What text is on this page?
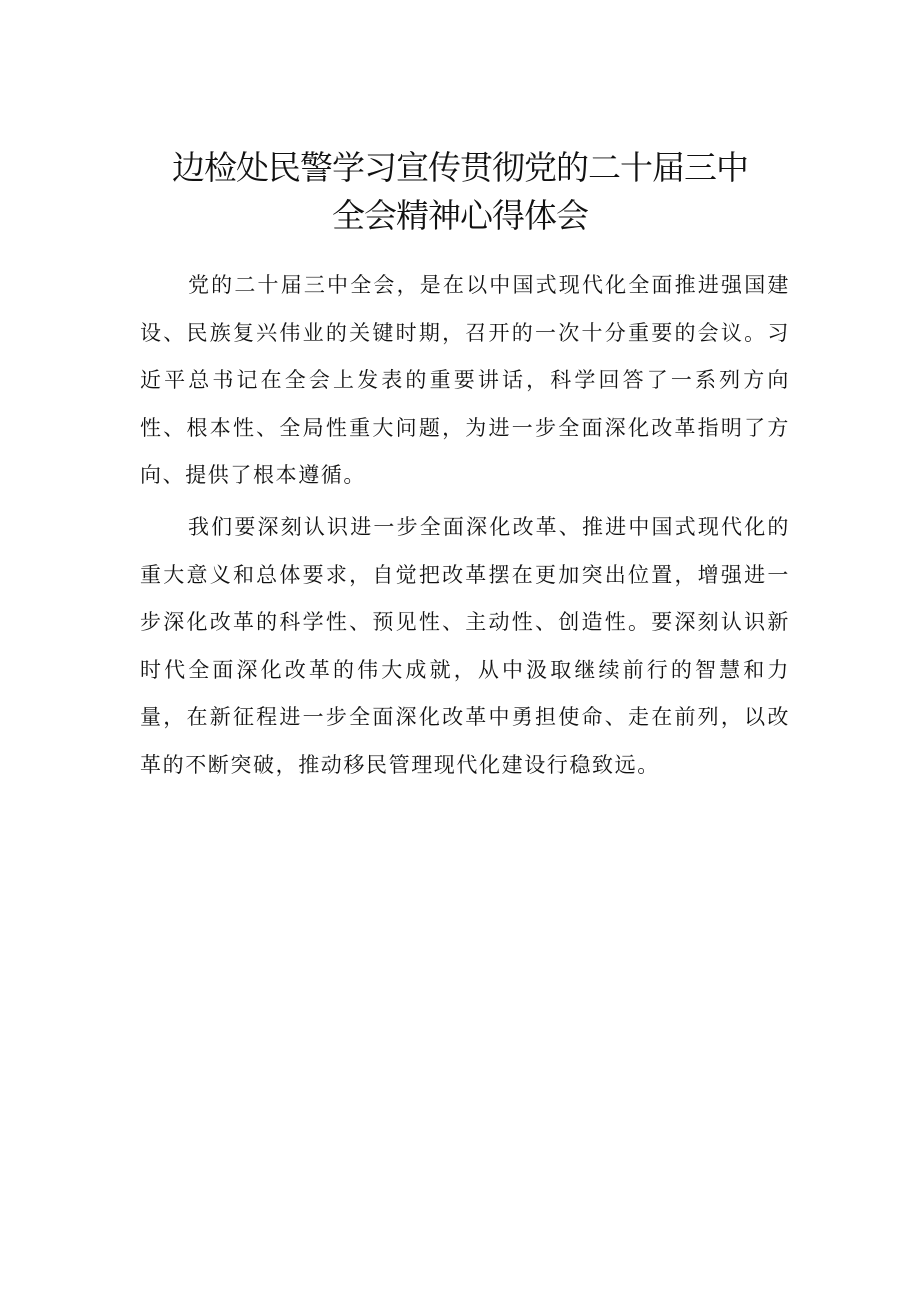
边检处民警学习宣传贯彻党的二十届三中
全会精神心得体会

党的二十届三中全会，是在以中国式现代化全面推进强国建设、民族复兴伟业的关键时期，召开的一次十分重要的会议。习近平总书记在全会上发表的重要讲话，科学回答了一系列方向性、根本性、全局性重大问题，为进一步全面深化改革指明了方向、提供了根本遵循。

我们要深刻认识进一步全面深化改革、推进中国式现代化的重大意义和总体要求，自觉把改革摆在更加突出位置，增强进一步深化改革的科学性、预见性、主动性、创造性。要深刻认识新时代全面深化改革的伟大成就，从中汲取继续前行的智慧和力量，在新征程进一步全面深化改革中勇担使命、走在前列，以改革的不断突破，推动移民管理现代化建设行稳致远。
